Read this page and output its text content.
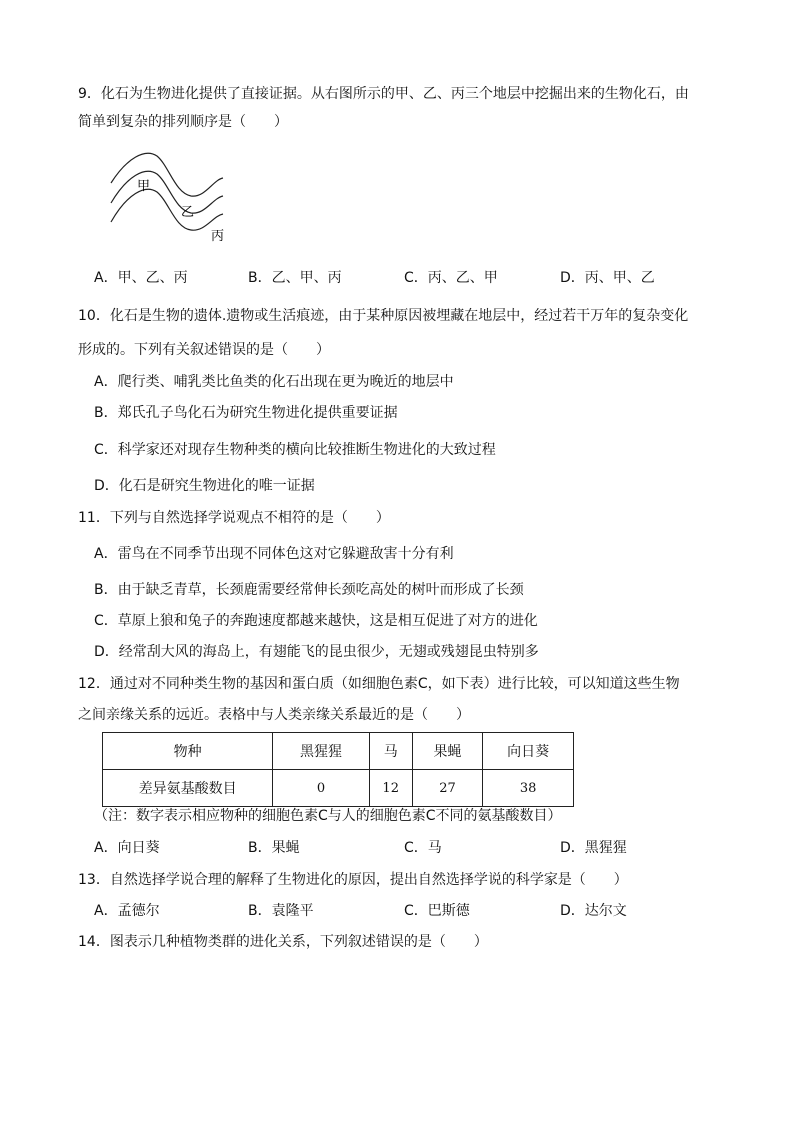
9．化石为生物进化提供了直接证据。从右图所示的甲、乙、丙三个地层中挖掘出来的生物化石，由
简单到复杂的排列顺序是（　　）
甲
乙
丙
A．甲、乙、丙	B．乙、甲、丙	C．丙、乙、甲	D．丙、甲、乙
10．化石是生物的遗体.遗物或生活痕迹，由于某种原因被埋藏在地层中，经过若干万年的复杂变化
形成的。下列有关叙述错误的是（　　）
A．爬行类、哺乳类比鱼类的化石出现在更为晚近的地层中
B．郑氏孔子鸟化石为研究生物进化提供重要证据
C．科学家还对现存生物种类的横向比较推断生物进化的大致过程
D．化石是研究生物进化的唯一证据
11．下列与自然选择学说观点不相符的是（　　）
A．雷鸟在不同季节出现不同体色这对它躲避敌害十分有利
B．由于缺乏青草，长颈鹿需要经常伸长颈吃高处的树叶而形成了长颈
C．草原上狼和兔子的奔跑速度都越来越快，这是相互促进了对方的进化
D．经常刮大风的海岛上，有翅能飞的昆虫很少，无翅或残翅昆虫特别多
12．通过对不同种类生物的基因和蛋白质（如细胞色素C，如下表）进行比较，可以知道这些生物
之间亲缘关系的远近。表格中与人类亲缘关系最近的是（　　）
物种	黑猩猩	马	果蝇	向日葵
差异氨基酸数目	0	12	27	38
（注：数字表示相应物种的细胞色素C与人的细胞色素C不同的氨基酸数目）
A．向日葵	B．果蝇	C．马	D．黑猩猩
13．自然选择学说合理的解释了生物进化的原因，提出自然选择学说的科学家是（　　）
A．孟德尔	B．袁隆平	C．巴斯德	D．达尔文
14．图表示几种植物类群的进化关系，下列叙述错误的是（　　）
